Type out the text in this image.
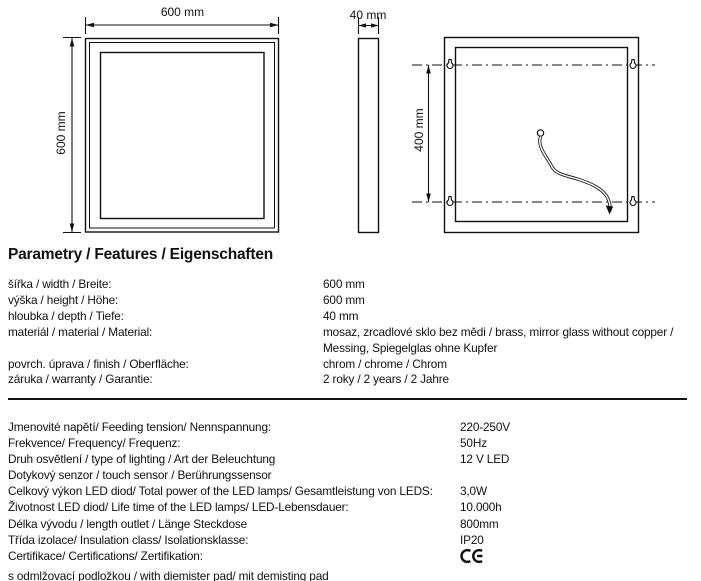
600 mm
600 mm
40 mm
400 mm
Parametry / Features / Eigenschaften
šířka / width / Breite:	600 mm
výška / height / Höhe:	600 mm
hloubka / depth / Tiefe:	40 mm
materiál / material / Material:	mosaz, zrcadlové sklo bez mědi / brass, mirror glass without copper / Messing, Spiegelglas ohne Kupfer
povrch. úprava / finish / Oberfläche:	chrom / chrome / Chrom
záruka / warranty / Garantie:	2 roky / 2 years / 2 Jahre
Jmenovité napětí/ Feeding tension/ Nennspannung:	220-250V
Frekvence/ Frequency/ Frequenz:	50Hz
Druh osvětlení / type of lighting / Art der Beleuchtung	12 V LED
Dotykový senzor / touch sensor / Berührungssensor
Celkový výkon LED diod/ Total power of the LED lamps/ Gesamtleistung von LEDS:	3,0W
Životnost LED diod/ Life time of the LED lamps/ LED-Lebensdauer:	10.000h
Délka vývodu / length outlet / Länge Steckdose	800mm
Třída izolace/ Insulation class/ Isolationsklasse:	IP20
Certifikace/ Certifications/ Zertifikation:
s odmlžovací podložkou / with diemister pad/ mit demisting pad
